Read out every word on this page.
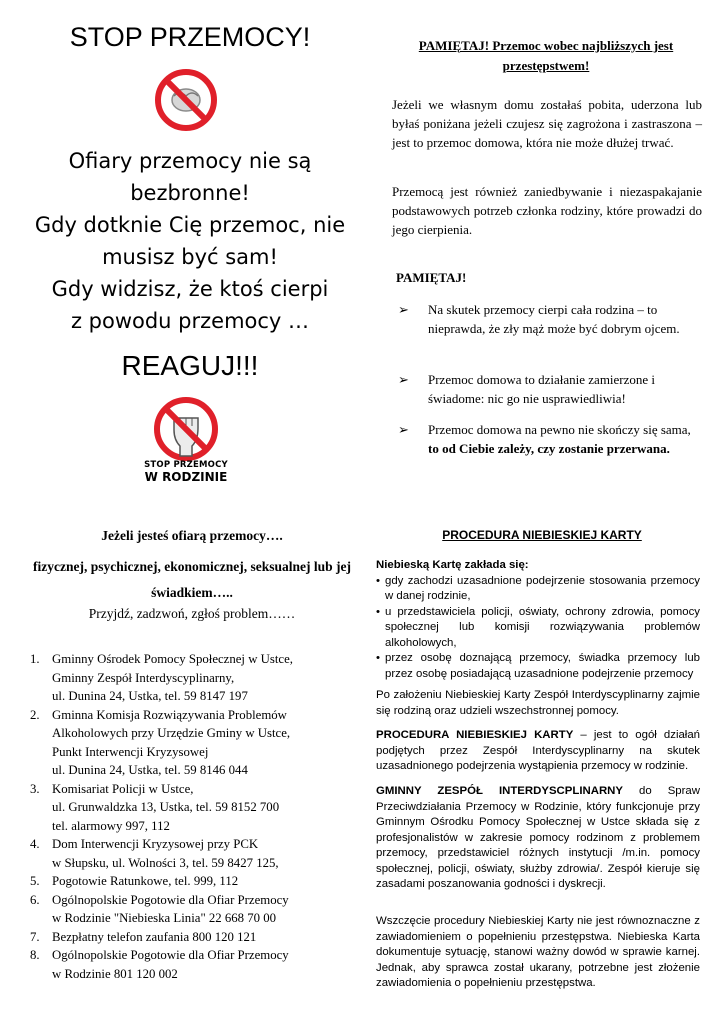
STOP PRZEMOCY!
Ofiary przemocy nie są
bezbronne!
Gdy dotknie Cię przemoc, nie
musisz być sam!
Gdy widzisz, że ktoś cierpi
z powodu przemocy …
REAGUJ!!!
STOP PRZEMOCY
W RODZINIE
PAMIĘTAJ! Przemoc wobec najbliższych jest przestępstwem!
Jeżeli we własnym domu zostałaś pobita, uderzona lub byłaś poniżana jeżeli czujesz się zagrożona i zastraszona – jest to przemoc domowa, która nie może dłużej trwać.
Przemocą jest również zaniedbywanie i niezaspakajanie podstawowych potrzeb członka rodziny, które prowadzi do jego cierpienia.
PAMIĘTAJ!
➢	Na skutek przemocy cierpi cała rodzina – to nieprawda, że zły mąż może być dobrym ojcem.
➢	Przemoc domowa to działanie zamierzone i świadome: nic go nie usprawiedliwia!
➢	Przemoc domowa na pewno nie skończy się sama, to od Ciebie zależy, czy zostanie przerwana.
Jeżeli jesteś ofiarą przemocy….
fizycznej, psychicznej, ekonomicznej, seksualnej lub jej świadkiem…..
Przyjdź, zadzwoń, zgłoś problem……
1. Gminny Ośrodek Pomocy Społecznej w Ustce,
Gminny Zespół Interdyscyplinarny,
ul. Dunina 24, Ustka, tel. 59 8147 197
2. Gminna Komisja Rozwiązywania Problemów
Alkoholowych przy Urzędzie Gminy w Ustce,
Punkt Interwencji Kryzysowej
ul. Dunina 24, Ustka, tel. 59 8146 044
3. Komisariat Policji w Ustce,
ul. Grunwaldzka 13, Ustka, tel. 59 8152 700
tel. alarmowy 997, 112
4. Dom Interwencji Kryzysowej przy PCK
w Słupsku, ul. Wolności 3, tel. 59 8427 125,
5. Pogotowie Ratunkowe, tel. 999, 112
6. Ogólnopolskie Pogotowie dla Ofiar Przemocy
w Rodzinie "Niebieska Linia" 22 668 70 00
7. Bezpłatny telefon zaufania 800 120 121
8. Ogólnopolskie Pogotowie dla Ofiar Przemocy
w Rodzinie 801 120 002
PROCEDURA NIEBIESKIEJ KARTY
Niebieską Kartę zakłada się:
• gdy zachodzi uzasadnione podejrzenie stosowania przemocy w danej rodzinie,
• u przedstawiciela policji, oświaty, ochrony zdrowia, pomocy społecznej lub komisji rozwiązywania problemów alkoholowych,
• przez osobę doznającą przemocy, świadka przemocy lub przez osobę posiadającą uzasadnione podejrzenie przemocy
Po założeniu Niebieskiej Karty Zespół Interdyscyplinarny zajmie się rodziną oraz udzieli wszechstronnej pomocy.
PROCEDURA NIEBIESKIEJ KARTY – jest to ogół działań podjętych przez Zespół Interdyscyplinarny na skutek uzasadnionego podejrzenia wystąpienia przemocy w rodzinie.
GMINNY ZESPÓŁ INTERDYSCPLINARNY do Spraw Przeciwdziałania Przemocy w Rodzinie, który funkcjonuje przy Gminnym Ośrodku Pomocy Społecznej w Ustce składa się z profesjonalistów w zakresie pomocy rodzinom z problemem przemocy, przedstawiciel różnych instytucji /m.in. pomocy społecznej, policji, oświaty, służby zdrowia/. Zespół kieruje się zasadami poszanowania godności i dyskrecji.
Wszczęcie procedury Niebieskiej Karty nie jest równoznaczne z zawiadomieniem o popełnieniu przestępstwa. Niebieska Karta dokumentuje sytuację, stanowi ważny dowód w sprawie karnej. Jednak, aby sprawca został ukarany, potrzebne jest złożenie zawiadomienia o popełnieniu przestępstwa.
